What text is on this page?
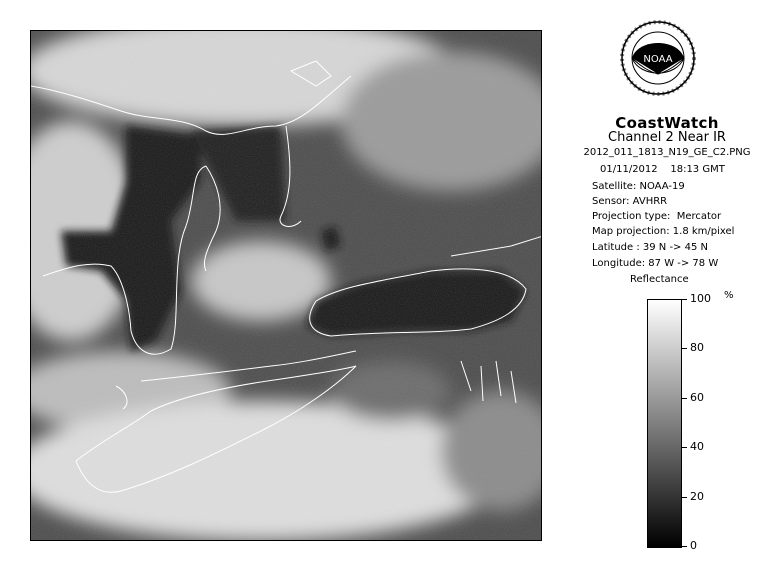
NOAA
CoastWatch
Channel 2 Near IR
2012_011_1813_N19_GE_C2.PNG
01/11/2012    18:13 GMT
Satellite: NOAA-19
Sensor: AVHRR
Projection type:  Mercator
Map projection: 1.8 km/pixel
Latitude : 39 N -> 45 N
Longitude: 87 W -> 78 W
Reflectance
%
100
80
60
40
20
0
